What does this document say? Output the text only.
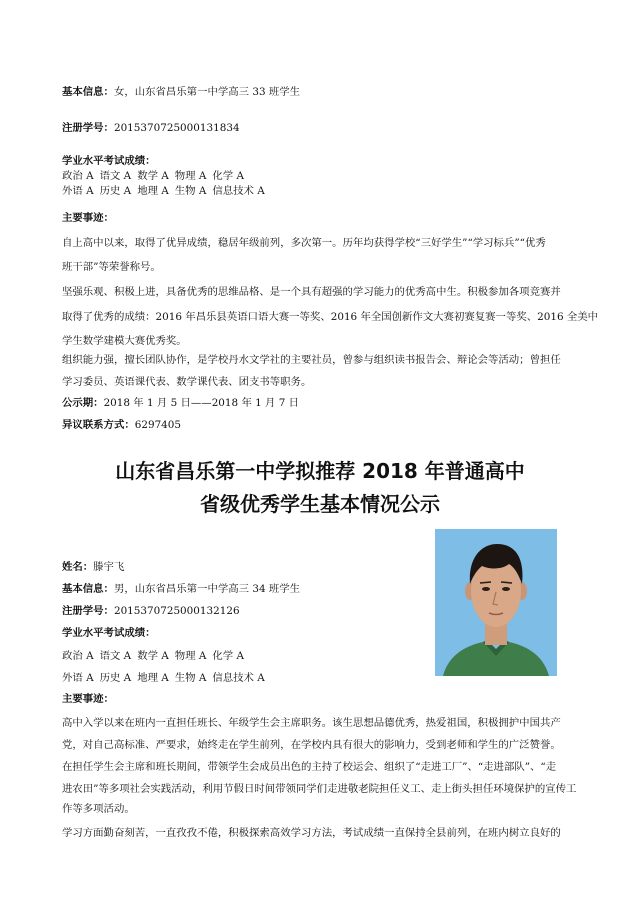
基本信息：女，山东省昌乐第一中学高三 33 班学生
注册学号：2015370725000131834
学业水平考试成绩：
政治 A 语文 A 数学 A 物理 A 化学 A
外语 A 历史 A 地理 A 生物 A 信息技术 A
主要事迹：
自上高中以来，取得了优异成绩，稳居年级前列，多次第一。历年均获得学校“三好学生”“学习标兵”“优秀
班干部”等荣誉称号。
坚强乐观、积极上进，具备优秀的思维品格、是一个具有超强的学习能力的优秀高中生。积极参加各项竞赛并
取得了优秀的成绩：2016 年昌乐县英语口语大赛一等奖、2016 年全国创新作文大赛初赛复赛一等奖、2016 全美中
学生数学建模大赛优秀奖。
组织能力强，擅长团队协作，是学校丹水文学社的主要社员，曾参与组织读书报告会、辩论会等活动；曾担任
学习委员、英语课代表、数学课代表、团支书等职务。
公示期：2018 年 1 月 5 日——2018 年 1 月 7 日
异议联系方式：6297405
山东省昌乐第一中学拟推荐 2018 年普通高中
省级优秀学生基本情况公示
姓名：滕宇飞
基本信息：男，山东省昌乐第一中学高三 34 班学生
注册学号：2015370725000132126
学业水平考试成绩：
政治 A 语文 A 数学 A 物理 A 化学 A
外语 A 历史 A 地理 A 生物 A 信息技术 A
主要事迹：
高中入学以来在班内一直担任班长、年级学生会主席职务。该生思想品德优秀，热爱祖国，积极拥护中国共产
党，对自己高标准、严要求，始终走在学生前列，在学校内具有很大的影响力，受到老师和学生的广泛赞誉。
在担任学生会主席和班长期间，带领学生会成员出色的主持了校运会、组织了“走进工厂”、“走进部队”、“走
进农田”等多项社会实践活动，利用节假日时间带领同学们走进敬老院担任义工、走上街头担任环境保护的宣传工
作等多项活动。
学习方面勤奋刻苦，一直孜孜不倦，积极探索高效学习方法，考试成绩一直保持全县前列，在班内树立良好的
